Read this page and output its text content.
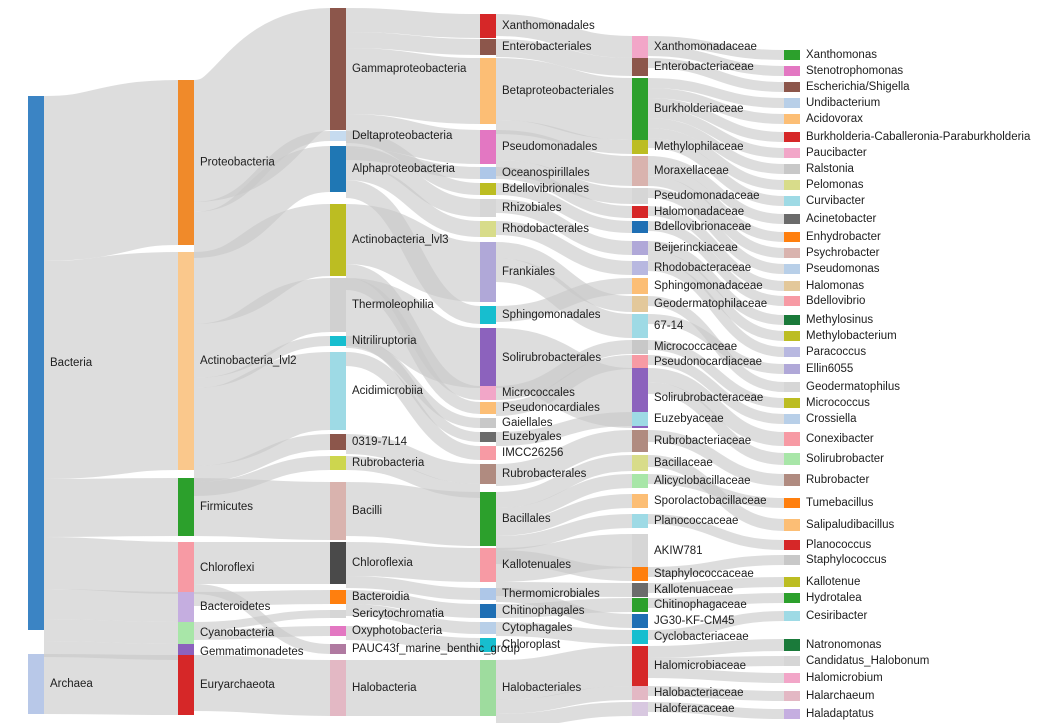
Bacteria
Archaea
Proteobacteria
Actinobacteria_lvl2
Firmicutes
Chloroflexi
Bacteroidetes
Cyanobacteria
Gemmatimonadetes
Euryarchaeota
Gammaproteobacteria
Deltaproteobacteria
Alphaproteobacteria
Actinobacteria_lvl3
Thermoleophilia
Nitriliruptoria
Acidimicrobiia
0319-7L14
Rubrobacteria
Bacilli
Chloroflexia
Bacteroidia
Sericytochromatia
Oxyphotobacteria
PAUC43f_marine_benthic_group
Halobacteria
Xanthomonadales
Enterobacteriales
Betaproteobacteriales
Pseudomonadales
Oceanospirillales
Bdellovibrionales
Rhizobiales
Rhodobacterales
Frankiales
Sphingomonadales
Solirubrobacterales
Micrococcales
Pseudonocardiales
Gaiellales
Euzebyales
IMCC26256
Rubrobacterales
Bacillales
Kallotenuales
Thermomicrobiales
Chitinophagales
Cytophagales
Chloroplast
Halobacteriales
Xanthomonadaceae
Enterobacteriaceae
Burkholderiaceae
Methylophilaceae
Moraxellaceae
Pseudomonadaceae
Halomonadaceae
Bdellovibrionaceae
Beijerinckiaceae
Rhodobacteraceae
Sphingomonadaceae
Geodermatophilaceae
67-14
Micrococcaceae
Pseudonocardiaceae
Solirubrobacteraceae
Euzebyaceae
Rubrobacteriaceae
Bacillaceae
Alicyclobacillaceae
Sporolactobacillaceae
Planococcaceae
AKIW781
Staphylococcaceae
Kallotenuaceae
Chitinophagaceae
JG30-KF-CM45
Cyclobacteriaceae
Halomicrobiaceae
Halobacteriaceae
Haloferacaceae
Xanthomonas
Stenotrophomonas
Escherichia/Shigella
Undibacterium
Acidovorax
Burkholderia-Caballeronia-Paraburkholderia
Paucibacter
Ralstonia
Pelomonas
Curvibacter
Acinetobacter
Enhydrobacter
Psychrobacter
Pseudomonas
Halomonas
Bdellovibrio
Methylosinus
Methylobacterium
Paracoccus
Ellin6055
Geodermatophilus
Micrococcus
Crossiella
Conexibacter
Solirubrobacter
Rubrobacter
Tumebacillus
Salipaludibacillus
Planococcus
Staphylococcus
Kallotenue
Hydrotalea
Cesiribacter
Natronomonas
Candidatus_Halobonum
Halomicrobium
Halarchaeum
Haladaptatus
